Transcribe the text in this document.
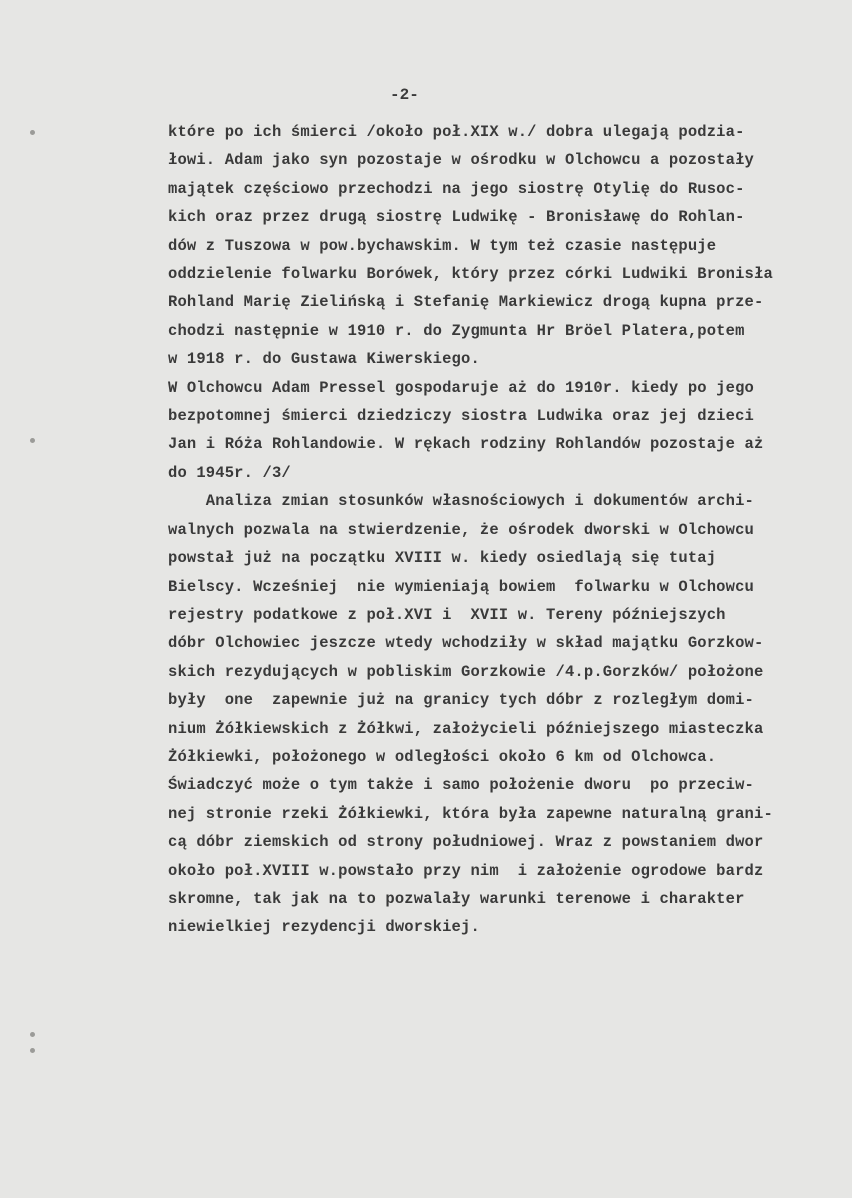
-2-
które po ich śmierci /około poł.XIX w./ dobra ulegają podzia-
łowi. Adam jako syn pozostaje w ośrodku w Olchowcu a pozostały
majątek częściowo przechodzi na jego siostrę Otylię do Rusoc-
kich oraz przez drugą siostrę Ludwikę - Bronisławę do Rohlan-
dów z Tuszowa w pow.bychawskim. W tym też czasie następuje
oddzielenie folwarku Borówek, który przez córki Ludwiki Bronisła
Rohland Marię Zielińską i Stefanię Markiewicz drogą kupna prze-
chodzi następnie w 1910 r. do Zygmunta Hr Brӧel Platera,potem
w 1918 r. do Gustawa Kiwerskiego.
W Olchowcu Adam Pressel gospodaruje aż do 1910r. kiedy po jego
bezpotomnej śmierci dziedziczy siostra Ludwika oraz jej dzieci
Jan i Róża Rohlandowie. W rękach rodziny Rohlandów pozostaje aż
do 1945r. /3/
Analiza zmian stosunków własnościowych i dokumentów archi-
walnych pozwala na stwierdzenie, że ośrodek dworski w Olchowcu
powstał już na początku XVIII w. kiedy osiedlają się tutaj
Bielscy. Wcześniej  nie wymieniają bowiem  folwarku w Olchowcu
rejestry podatkowe z poł.XVI i  XVII w. Tereny późniejszych
dóbr Olchowiec jeszcze wtedy wchodziły w skład majątku Gorzkow-
skich rezydujących w pobliskim Gorzkowie /4.p.Gorzków/ położone
były  one  zapewnie już na granicy tych dóbr z rozległym domi-
nium Żółkiewskich z Żółkwi, założycieli późniejszego miasteczka
Żółkiewki, położonego w odległości około 6 km od Olchowca.
Świadczyć może o tym także i samo położenie dworu  po przeciw-
nej stronie rzeki Żółkiewki, która była zapewne naturalną grani-
cą dóbr ziemskich od strony południowej. Wraz z powstaniem dwor
około poł.XVIII w.powstało przy nim  i założenie ogrodowe bardz
skromne, tak jak na to pozwalały warunki terenowe i charakter
niewielkiej rezydencji dworskiej.
